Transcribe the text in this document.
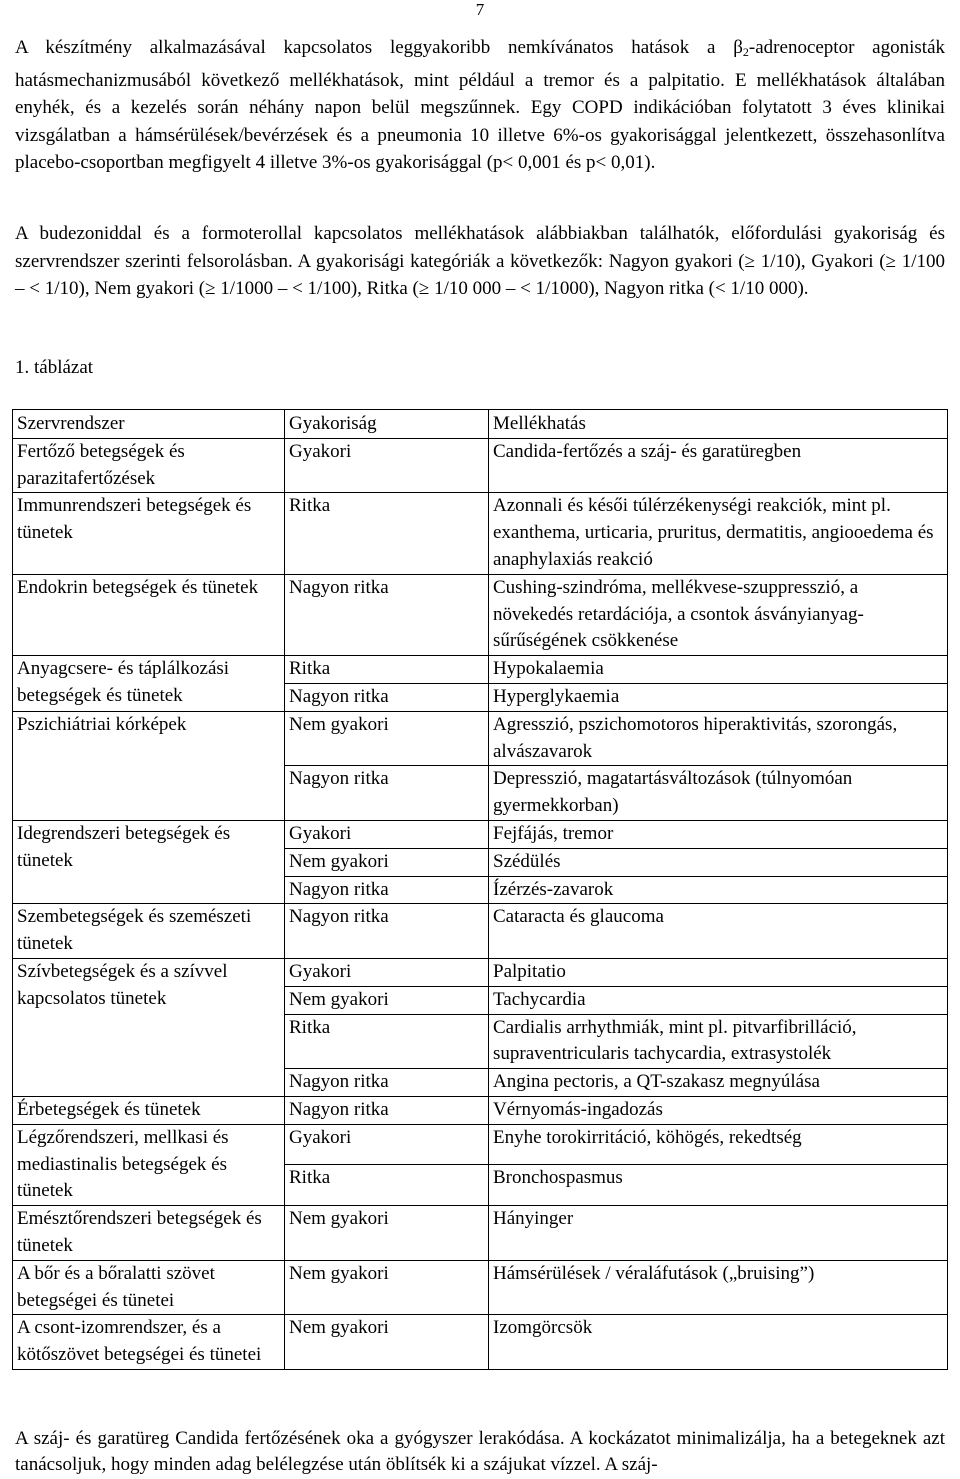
7

A készítmény alkalmazásával kapcsolatos leggyakoribb nemkívánatos hatások a $\beta_2$-adrenoceptor agonisták hatásmechanizmusából következő mellékhatások, mint például a tremor és a palpitatio. E mellékhatások általában enyhék, és a kezelés során néhány napon belül megszűnnek. Egy COPD indikációban folytatott 3 éves klinikai vizsgálatban a hámsérülések/bevérzések és a pneumonia 10 illetve 6%-os gyakorisággal jelentkezett, összehasonlítva placebo-csoportban megfigyelt 4 illetve 3%-os gyakorisággal (p< 0,001 és p< 0,01).

A budezoniddal és a formoterollal kapcsolatos mellékhatások alábbiakban találhatók, előfordulási gyakoriság és szervrendszer szerinti felsorolásban. A gyakorisági kategóriák a következők: Nagyon gyakori (≥ 1/10), Gyakori (≥ 1/100 – < 1/10), Nem gyakori (≥ 1/1000 – < 1/100), Ritka (≥ 1/10 000 – < 1/1000), Nagyon ritka (< 1/10 000).

1. táblázat

Szervrendszer	Gyakoriság	Mellékhatás
Fertőző betegségek és parazitafertőzések	Gyakori	Candida-fertőzés a száj- és garatüregben
Immunrendszeri betegségek és tünetek	Ritka	Azonnali és késői túlérzékenységi reakciók, mint pl. exanthema, urticaria, pruritus, dermatitis, angiooedema és anaphylaxiás reakció
Endokrin betegségek és tünetek	Nagyon ritka	Cushing-szindróma, mellékvese-szuppresszió, a növekedés retardációja, a csontok ásványianyag-sűrűségének csökkenése
Anyagcsere- és táplálkozási betegségek és tünetek	Ritka	Hypokalaemia
	Nagyon ritka	Hyperglykaemia
Pszichiátriai kórképek	Nem gyakori	Agresszió, pszichomotoros hiperaktivitás, szorongás, alvászavarok
	Nagyon ritka	Depresszió, magatartásváltozások (túlnyomóan gyermekkorban)
Idegrendszeri betegségek és tünetek	Gyakori	Fejfájás, tremor
	Nem gyakori	Szédülés
	Nagyon ritka	Ízérzés-zavarok
Szembetegségek és szemészeti tünetek	Nagyon ritka	Cataracta és glaucoma
Szívbetegségek és a szívvel kapcsolatos tünetek	Gyakori	Palpitatio
	Nem gyakori	Tachycardia
	Ritka	Cardialis arrhythmiák, mint pl. pitvarfibrilláció, supraventricularis tachycardia, extrasystolék
	Nagyon ritka	Angina pectoris, a QT-szakasz megnyúlása
Érbetegségek és tünetek	Nagyon ritka	Vérnyomás-ingadozás
Légzőrendszeri, mellkasi és mediastinalis betegségek és tünetek	Gyakori	Enyhe torokirritáció, köhögés, rekedtség
	Ritka	Bronchospasmus
Emésztőrendszeri betegségek és tünetek	Nem gyakori	Hányinger
A bőr és a bőralatti szövet betegségei és tünetei	Nem gyakori	Hámsérülések / véraláfutások („bruising”)
A csont-izomrendszer, és a kötőszövet betegségei és tünetei	Nem gyakori	Izomgörcsök

A száj- és garatüreg Candida fertőzésének oka a gyógyszer lerakódása. A kockázatot minimalizálja, ha a betegeknek azt tanácsoljuk, hogy minden adag belélegzése után öblítsék ki a szájukat vízzel. A száj-
